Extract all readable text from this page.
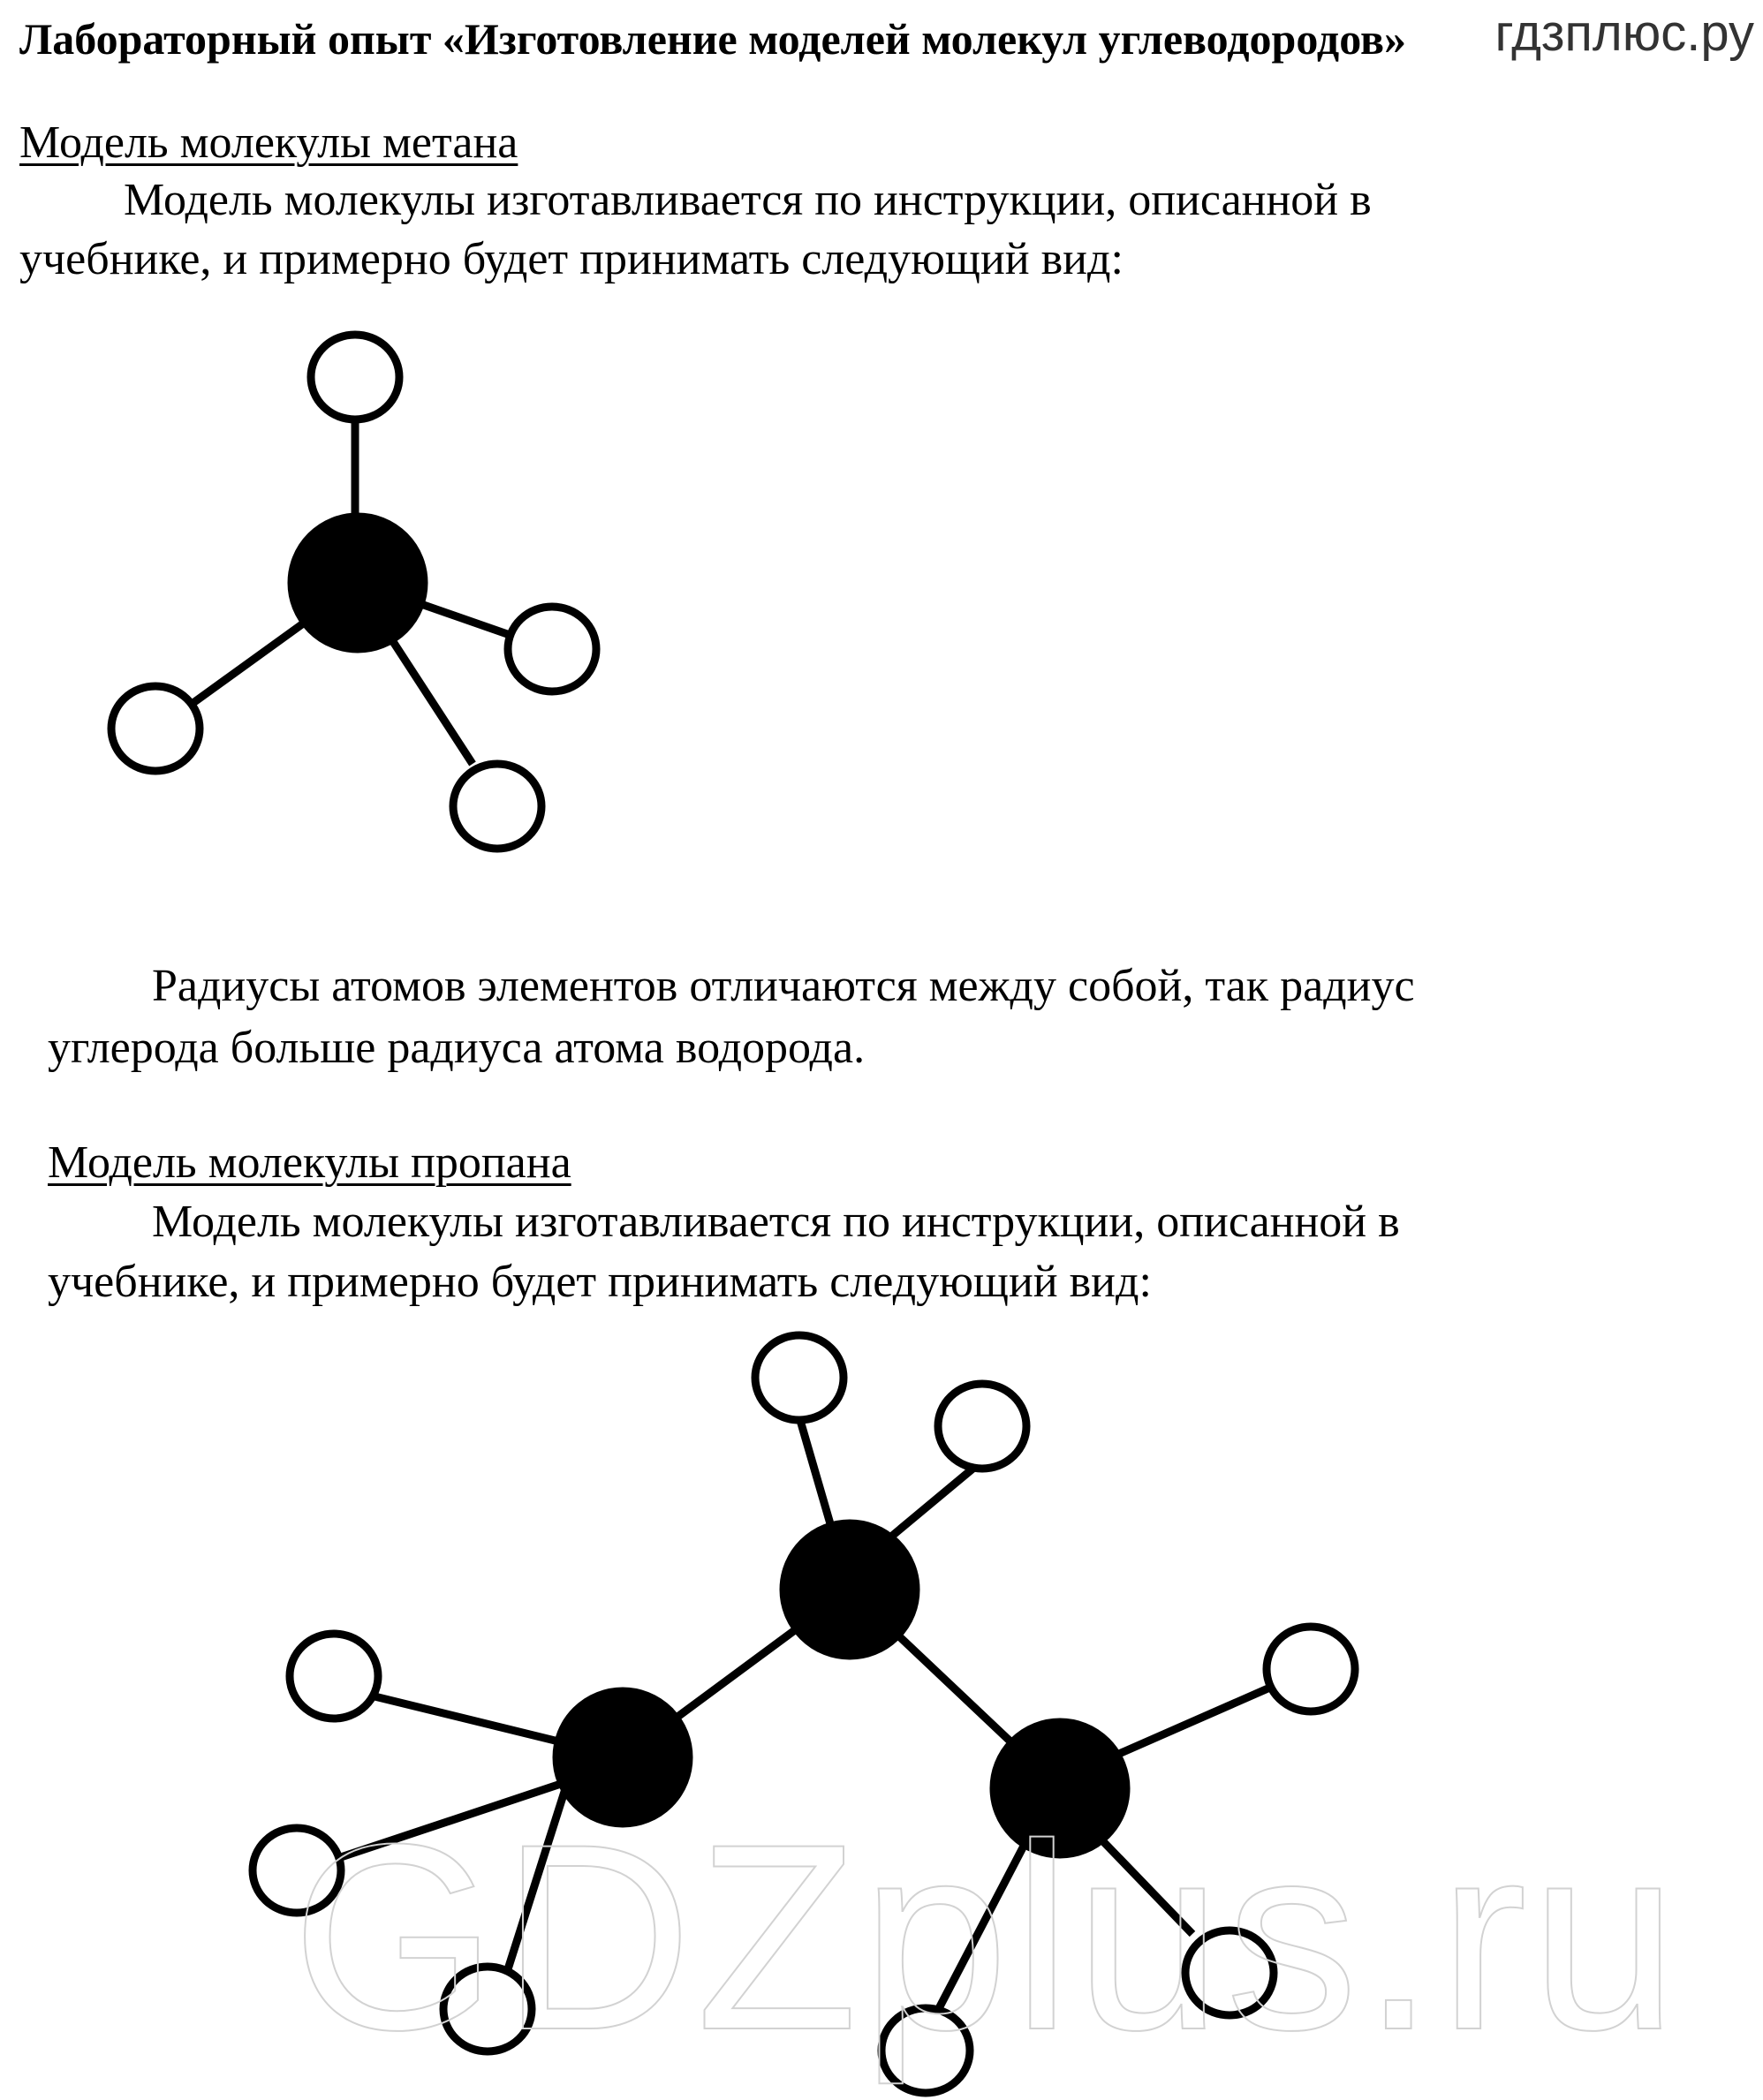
Лабораторный опыт «Изготовление моделей молекул углеводородов» гдзплюс.ру
Модель молекулы метана
Модель молекулы изготавливается по инструкции, описанной в
учебнике, и примерно будет принимать следующий вид:
Радиусы атомов элементов отличаются между собой, так радиус
углерода больше радиуса атома водорода.
Модель молекулы пропана
Модель молекулы изготавливается по инструкции, описанной в
учебнике, и примерно будет принимать следующий вид:
GDZplus.ru
